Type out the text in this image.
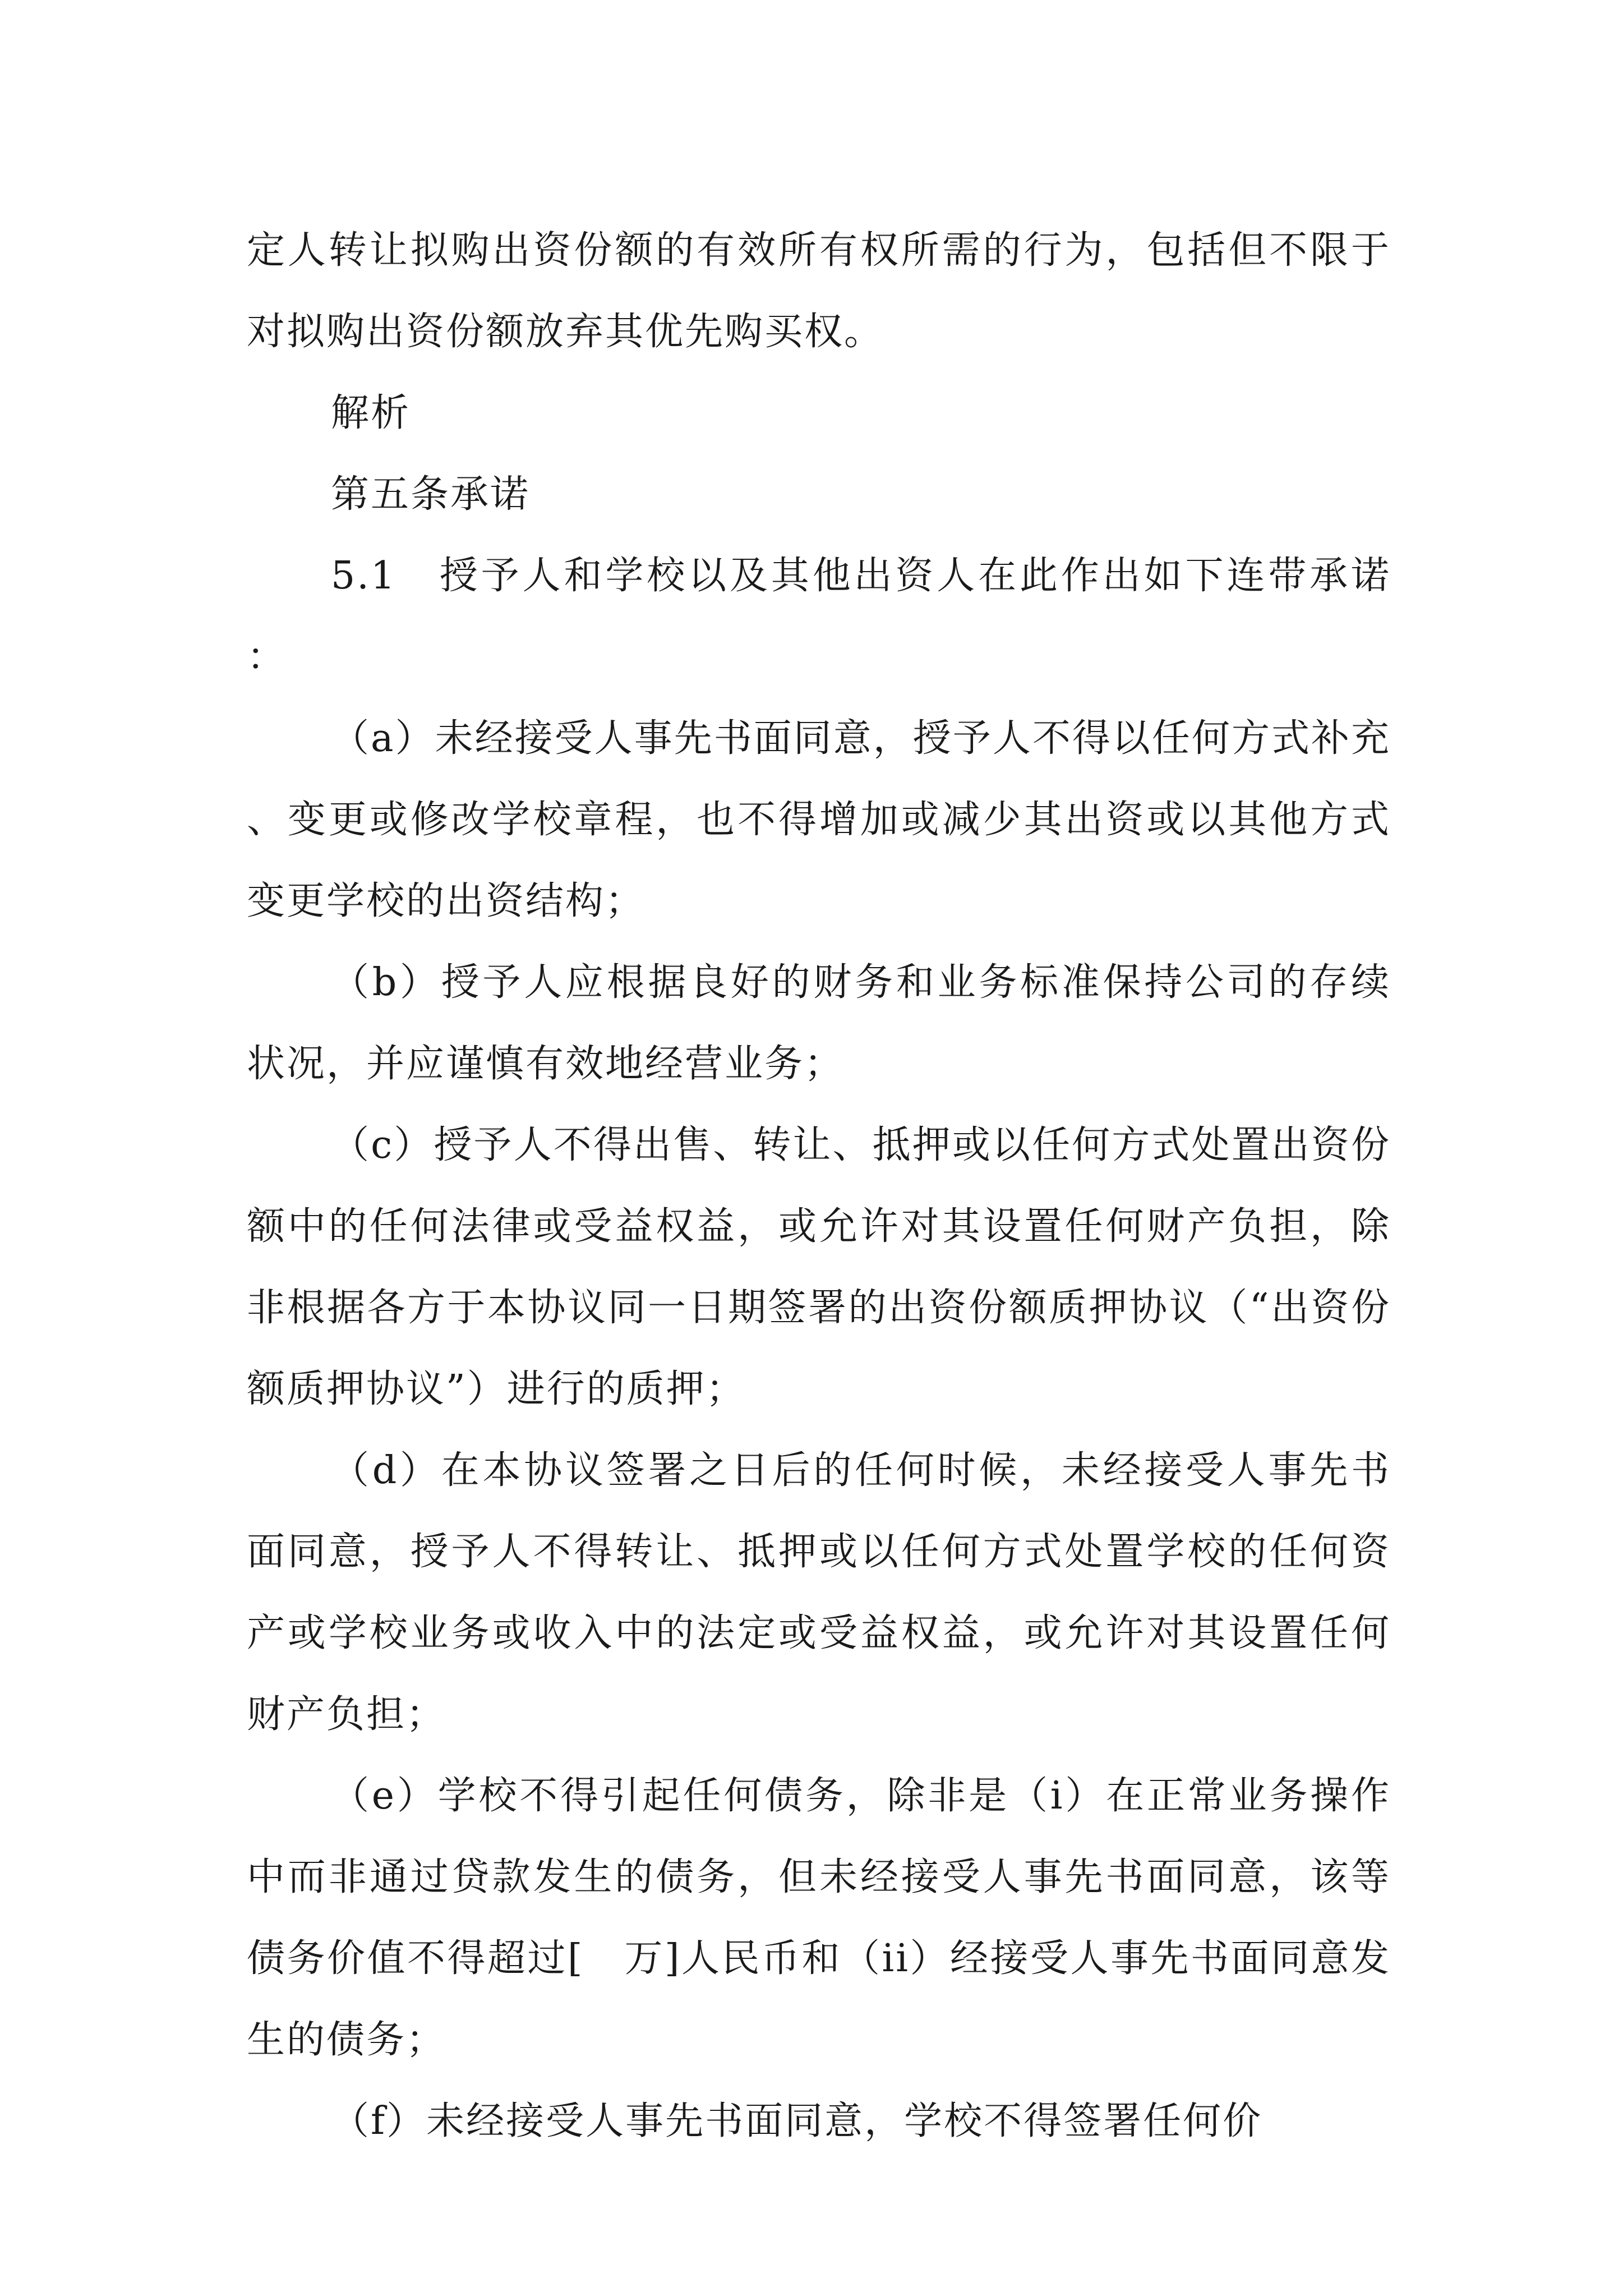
定人转让拟购出资份额的有效所有权所需的行为，包括但不限于对拟购出资份额放弃其优先购买权。

解析

第五条承诺

5.1　授予人和学校以及其他出资人在此作出如下连带承诺：

（a）未经接受人事先书面同意，授予人不得以任何方式补充、变更或修改学校章程，也不得增加或减少其出资或以其他方式变更学校的出资结构；

（b）授予人应根据良好的财务和业务标准保持公司的存续状况，并应谨慎有效地经营业务；

（c）授予人不得出售、转让、抵押或以任何方式处置出资份额中的任何法律或受益权益，或允许对其设置任何财产负担，除非根据各方于本协议同一日期签署的出资份额质押协议（“出资份额质押协议”）进行的质押；

（d）在本协议签署之日后的任何时候，未经接受人事先书面同意，授予人不得转让、抵押或以任何方式处置学校的任何资产或学校业务或收入中的法定或受益权益，或允许对其设置任何财产负担；

（e）学校不得引起任何债务，除非是（i）在正常业务操作中而非通过贷款发生的债务，但未经接受人事先书面同意，该等债务价值不得超过[　万]人民币和（ii）经接受人事先书面同意发生的债务；

（f）未经接受人事先书面同意，学校不得签署任何价
